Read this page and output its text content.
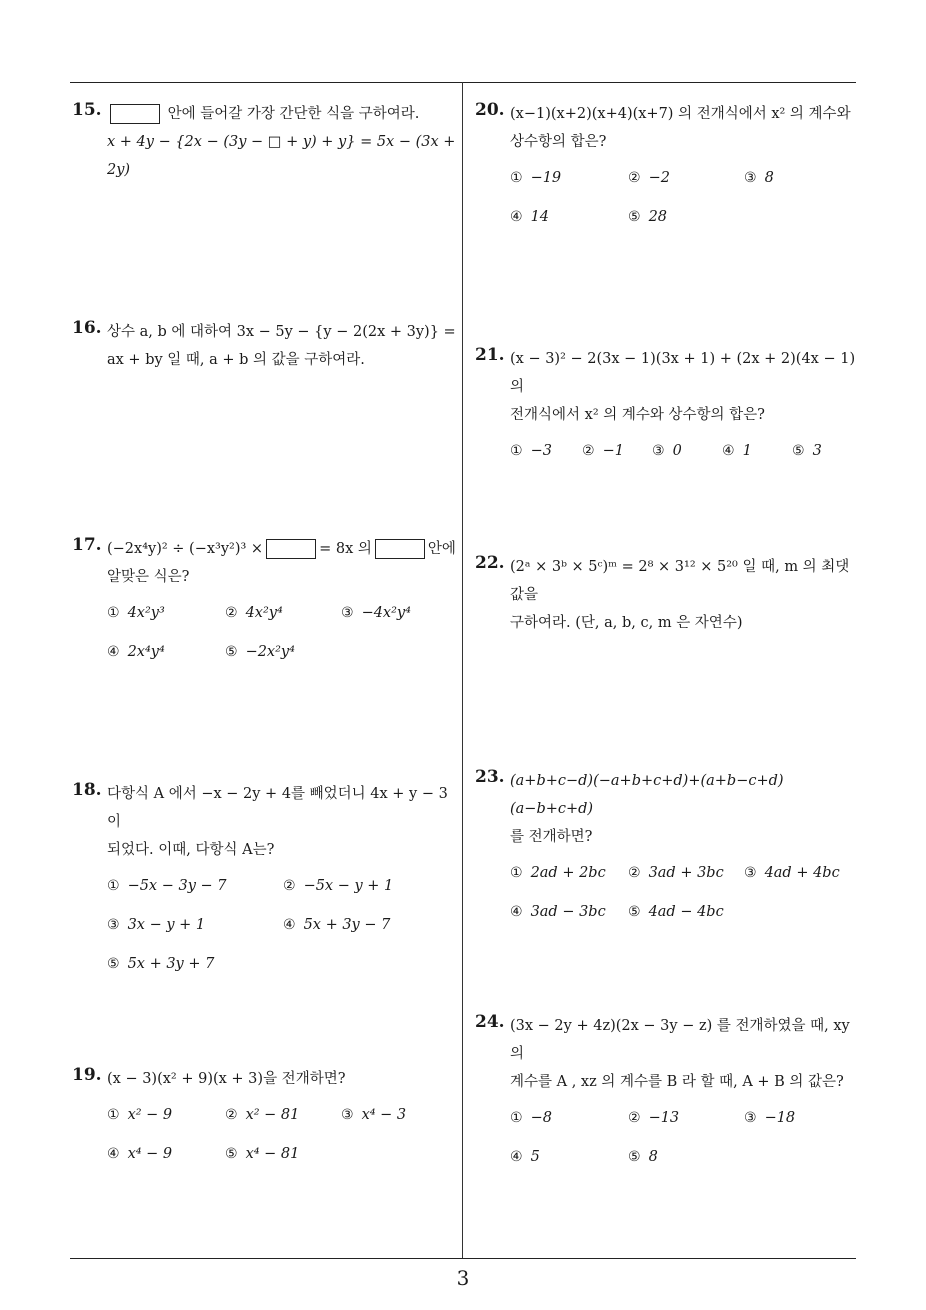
3
15.	안에 들어갈 가장 간단한 식을 구하여라.
x + 4y − {2x − (3y − □ + y) + y} = 5x − (3x + 2y)
16. 상수 a, b 에 대하여 3x − 5y − {y − 2(2x + 3y)} =
ax + by 일 때, a + b 의 값을 구하여라.
17. (−2x⁴y)² ÷ (−x³y²)³ ×	= 8x 의	안에
알맞은 식은?
① 4x²y³	② 4x²y⁴	③ −4x²y⁴
④ 2x⁴y⁴	⑤ −2x²y⁴
18. 다항식 A 에서 −x − 2y + 4를 빼었더니 4x + y − 3이
되었다. 이때, 다항식 A는?
① −5x − 3y − 7	② −5x − y + 1
③ 3x − y + 1	④ 5x + 3y − 7
⑤ 5x + 3y + 7
19. (x − 3)(x² + 9)(x + 3)을 전개하면?
① x² − 9	② x² − 81	③ x⁴ − 3
④ x⁴ − 9	⑤ x⁴ − 81
20. (x−1)(x+2)(x+4)(x+7) 의 전개식에서 x² 의 계수와
상수항의 합은?
① −19	② −2	③ 8
④ 14	⑤ 28
21. (x − 3)² − 2(3x − 1)(3x + 1) + (2x + 2)(4x − 1) 의
전개식에서 x² 의 계수와 상수항의 합은?
① −3 ② −1 ③ 0	④ 1	⑤ 3
22. (2ᵃ × 3ᵇ × 5ᶜ)ᵐ = 2⁸ × 3¹² × 5²⁰ 일 때, m 의 최댓값을
구하여라. (단, a, b, c, m 은 자연수)
23. (a+b+c−d)(−a+b+c+d)+(a+b−c+d)(a−b+c+d)
를 전개하면?
① 2ad + 2bc ② 3ad + 3bc ③ 4ad + 4bc
④ 3ad − 3bc ⑤ 4ad − 4bc
24. (3x − 2y + 4z)(2x − 3y − z) 를 전개하였을 때, xy 의
계수를 A , xz 의 계수를 B 라 할 때, A + B 의 값은?
① −8	② −13	③ −18
④ 5	⑤ 8
